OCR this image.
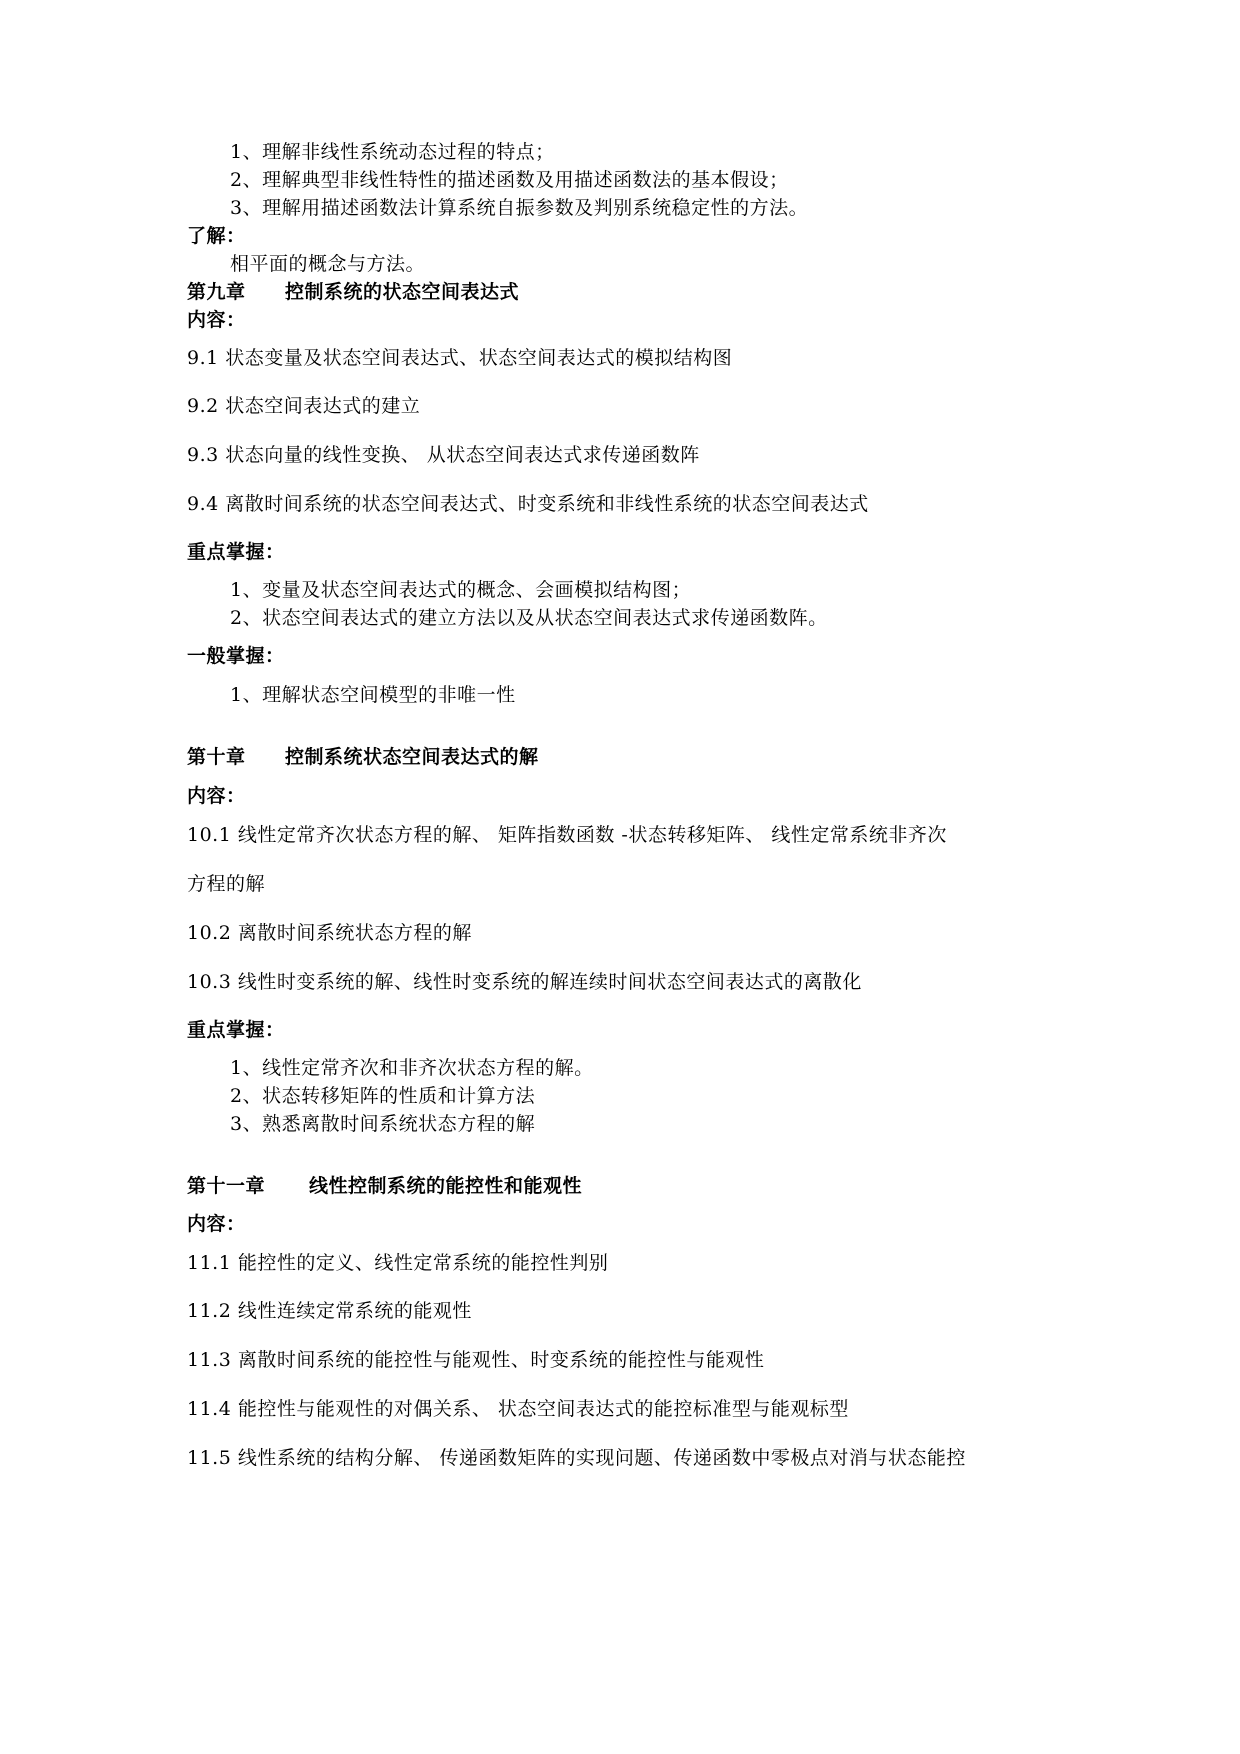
1、理解非线性系统动态过程的特点；
2、理解典型非线性特性的描述函数及用描述函数法的基本假设；
3、理解用描述函数法计算系统自振参数及判别系统稳定性的方法。
了解：
相平面的概念与方法。
第九章 控制系统的状态空间表达式
内容：
9.1 状态变量及状态空间表达式、状态空间表达式的模拟结构图
9.2 状态空间表达式的建立
9.3 状态向量的线性变换、 从状态空间表达式求传递函数阵
9.4 离散时间系统的状态空间表达式、时变系统和非线性系统的状态空间表达式
重点掌握：
1、变量及状态空间表达式的概念、会画模拟结构图；
2、状态空间表达式的建立方法以及从状态空间表达式求传递函数阵。
一般掌握：
1、理解状态空间模型的非唯一性
第十章 控制系统状态空间表达式的解
内容：
10.1 线性定常齐次状态方程的解、 矩阵指数函数 -状态转移矩阵、 线性定常系统非齐次
方程的解
10.2 离散时间系统状态方程的解
10.3 线性时变系统的解、线性时变系统的解连续时间状态空间表达式的离散化
重点掌握：
1、线性定常齐次和非齐次状态方程的解。
2、状态转移矩阵的性质和计算方法
3、熟悉离散时间系统状态方程的解
第十一章 线性控制系统的能控性和能观性
内容：
11.1 能控性的定义、线性定常系统的能控性判别
11.2 线性连续定常系统的能观性
11.3 离散时间系统的能控性与能观性、时变系统的能控性与能观性
11.4 能控性与能观性的对偶关系、 状态空间表达式的能控标准型与能观标型
11.5 线性系统的结构分解、 传递函数矩阵的实现问题、传递函数中零极点对消与状态能控
